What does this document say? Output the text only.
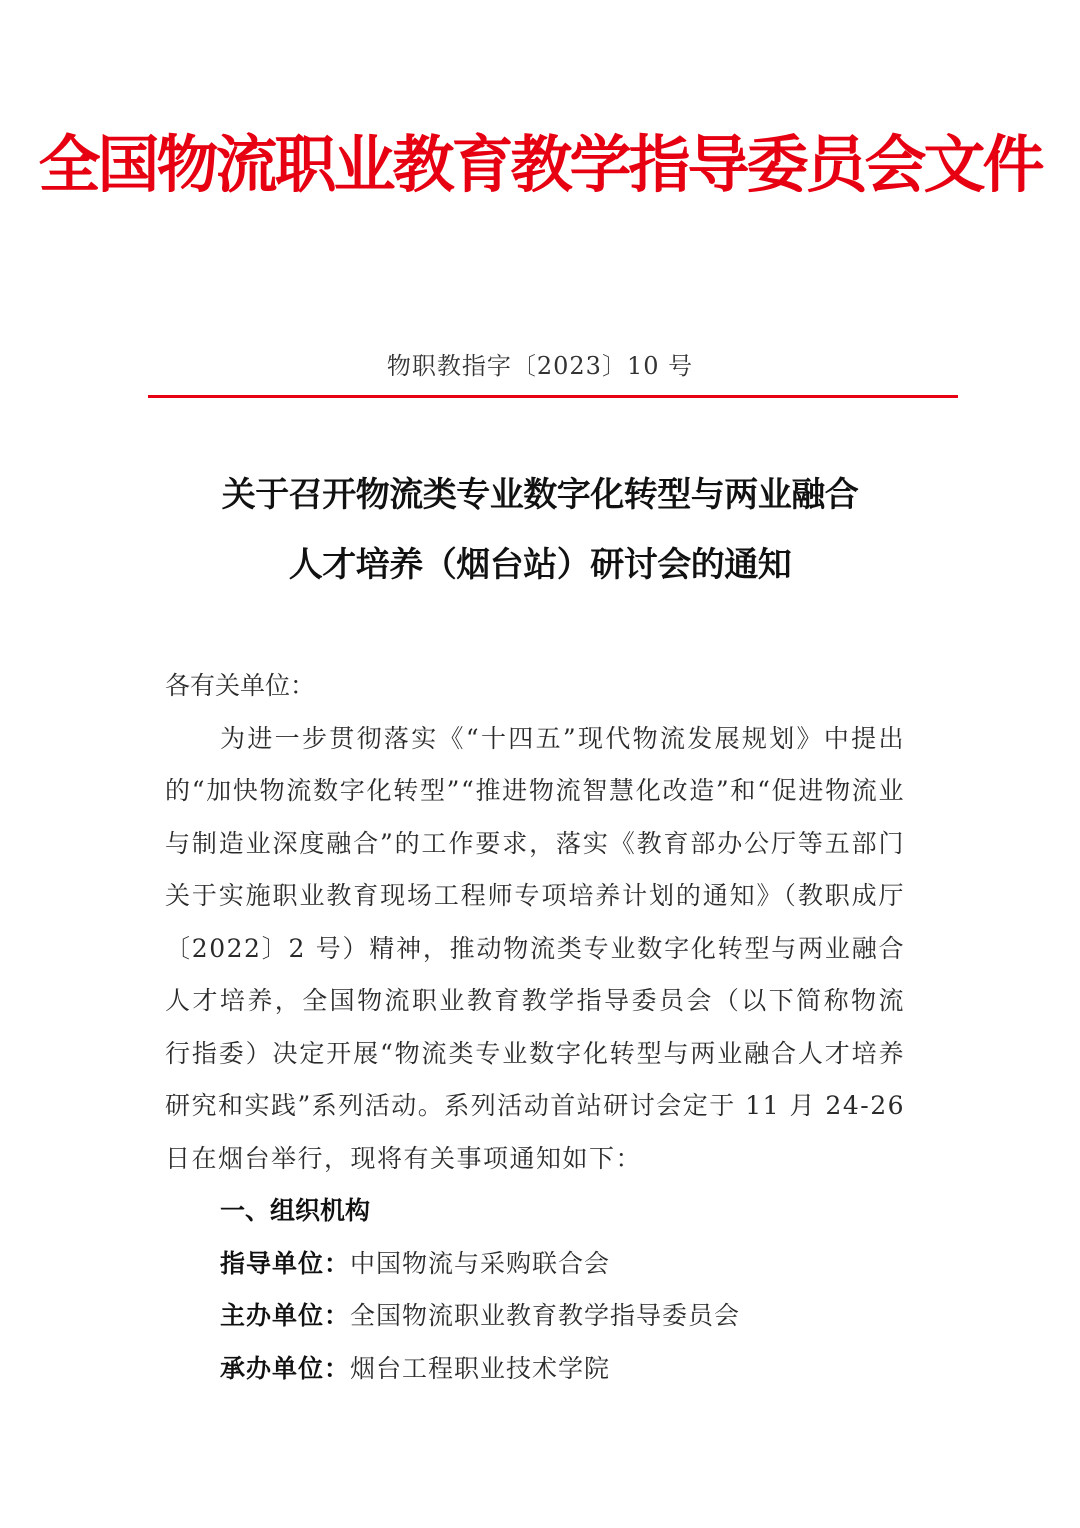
全国物流职业教育教学指导委员会文件
物职教指字〔2023〕10 号
关于召开物流类专业数字化转型与两业融合
人才培养（烟台站）研讨会的通知
各有关单位：

为进一步贯彻落实《“十四五”现代物流发展规划》中提出的“加快物流数字化转型”“推进物流智慧化改造”和“促进物流业与制造业深度融合”的工作要求，落实《教育部办公厅等五部门关于实施职业教育现场工程师专项培养计划的通知》（教职成厅〔2022〕2 号）精神，推动物流类专业数字化转型与两业融合人才培养，全国物流职业教育教学指导委员会（以下简称物流行指委）决定开展“物流类专业数字化转型与两业融合人才培养研究和实践”系列活动。系列活动首站研讨会定于 11 月 24-26 日在烟台举行，现将有关事项通知如下：

一、组织机构
指导单位：中国物流与采购联合会
主办单位：全国物流职业教育教学指导委员会
承办单位：烟台工程职业技术学院
